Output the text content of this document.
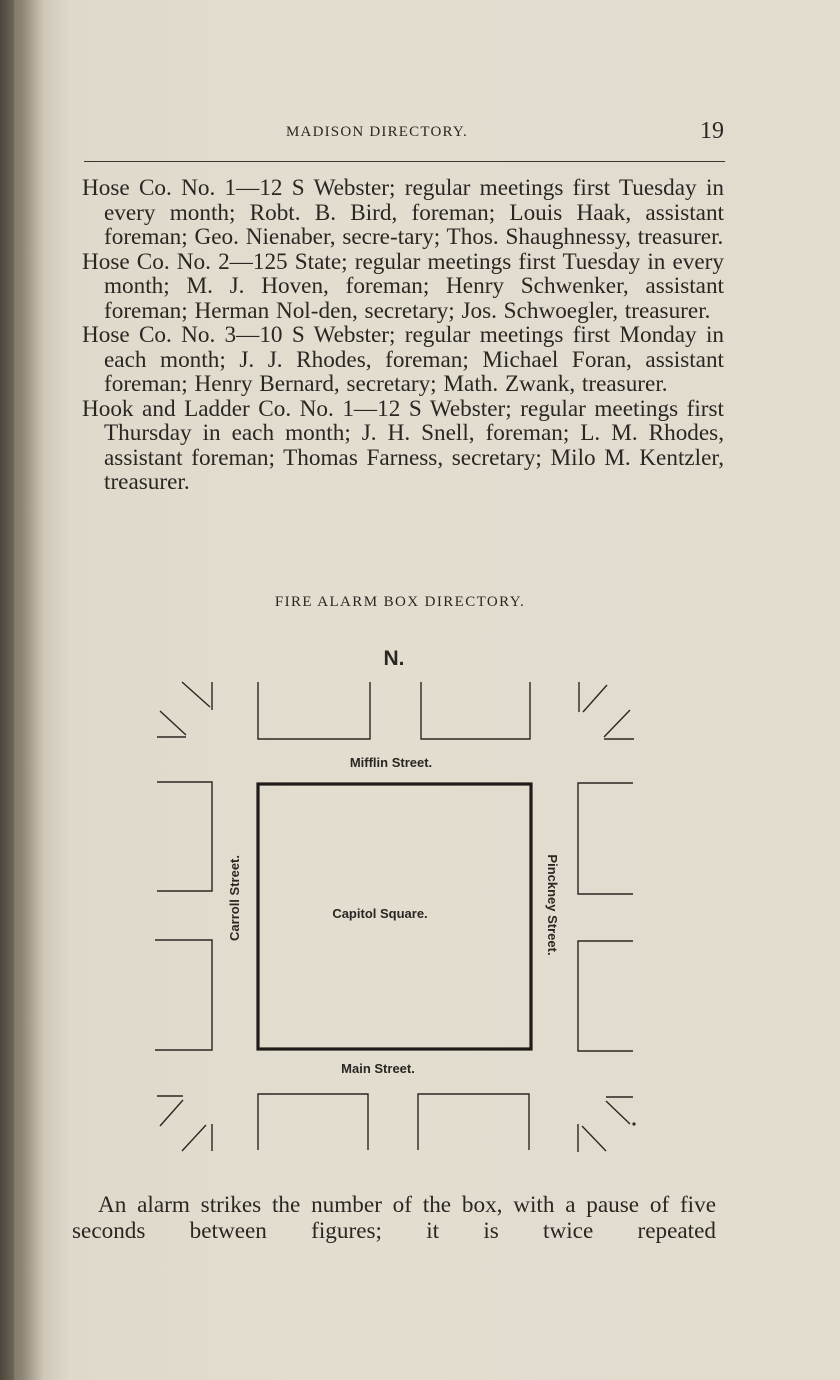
MADISON DIRECTORY.	19

Hose Co. No. 1—12 S Webster; regular meetings first Tuesday in every month; Robt. B. Bird, foreman; Louis Haak, assistant foreman; Geo. Nienaber, secre-tary; Thos. Shaughnessy, treasurer.

Hose Co. No. 2—125 State; regular meetings first Tuesday in every month; M. J. Hoven, foreman; Henry Schwenker, assistant foreman; Herman Nol-den, secretary; Jos. Schwoegler, treasurer.

Hose Co. No. 3—10 S Webster; regular meetings first Monday in each month; J. J. Rhodes, foreman; Michael Foran, assistant foreman; Henry Bernard, secretary; Math. Zwank, treasurer.

Hook and Ladder Co. No. 1—12 S Webster; regular meetings first Thursday in each month; J. H. Snell, foreman; L. M. Rhodes, assistant foreman; Thomas Farness, secretary; Milo M. Kentzler, treasurer.

FIRE ALARM BOX DIRECTORY.
N.
Mifflin Street.
Main Street.
Capitol Square.
Carroll Street.	Pinckney Street.

An alarm strikes the number of the box, with a pause of five seconds between figures; it is twice repeated
